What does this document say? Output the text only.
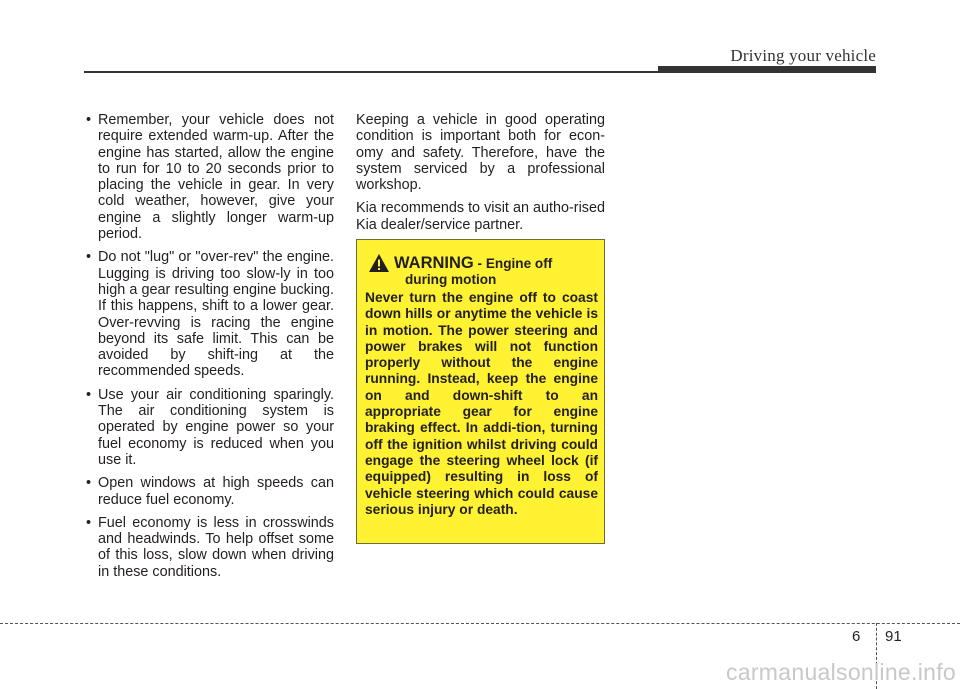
Driving your vehicle
• Remember, your vehicle does not require extended warm-up. After the engine has started, allow the engine to run for 10 to 20 seconds prior to placing the vehicle in gear. In very cold weather, however, give your engine a slightly longer warm-up period.
• Do not "lug" or "over-rev" the engine. Lugging is driving too slow-ly in too high a gear resulting engine bucking. If this happens, shift to a lower gear. Over-revving is racing the engine beyond its safe limit. This can be avoided by shift-ing at the recommended speeds.
• Use your air conditioning sparingly. The air conditioning system is operated by engine power so your fuel economy is reduced when you use it.
• Open windows at high speeds can reduce fuel economy.
• Fuel economy is less in crosswinds and headwinds. To help offset some of this loss, slow down when driving in these conditions.

Keeping a vehicle in good operating condition is important both for econ-omy and safety. Therefore, have the system serviced by a professional workshop.

Kia recommends to visit an autho-rised Kia dealer/service partner.

WARNING - Engine off
during motion
Never turn the engine off to coast down hills or anytime the vehicle is in motion. The power steering and power brakes will not function properly without the engine running. Instead, keep the engine on and down-shift to an appropriate gear for engine braking effect. In addi-tion, turning off the ignition whilst driving could engage the steering wheel lock (if equipped) resulting in loss of vehicle steering which could cause serious injury or death.
6 91
carmanualsonline.info
